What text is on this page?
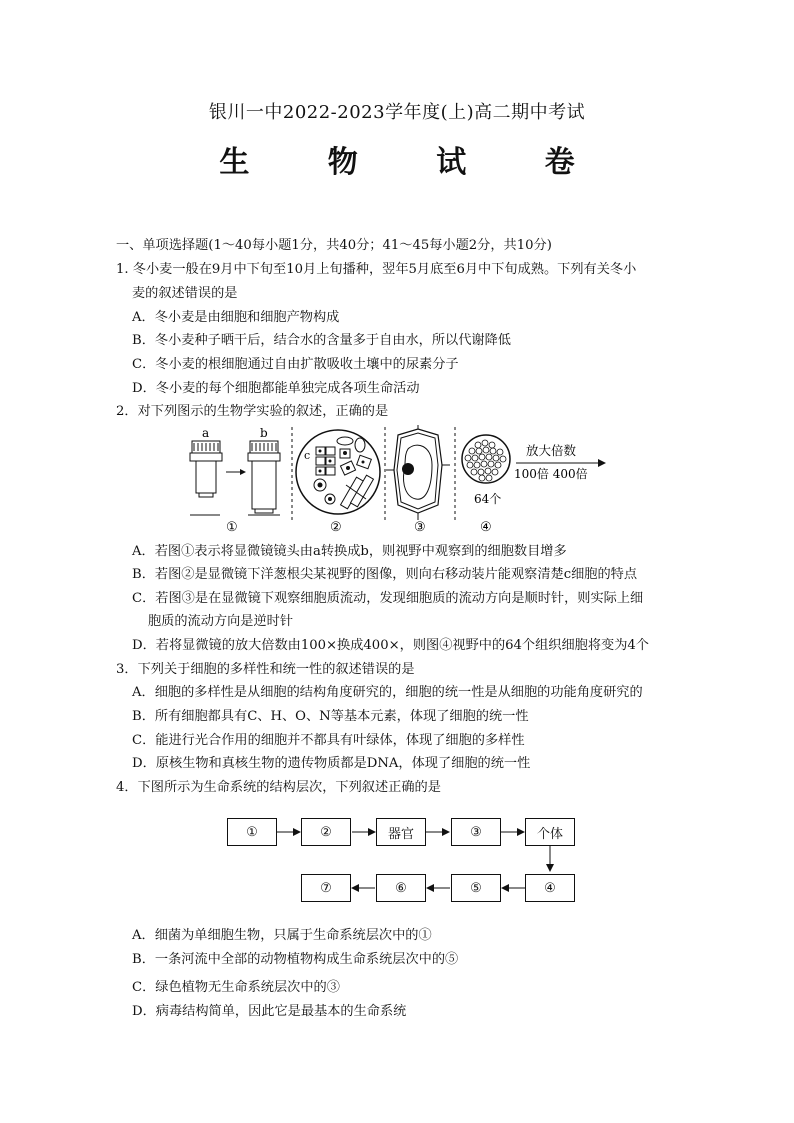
银川一中2022-2023学年度(上)高二期中考试
生 物 试 卷
一、单项选择题(1～40每小题1分，共40分；41～45每小题2分，共10分)
1. 冬小麦一般在9月中下旬至10月上旬播种，翌年5月底至6月中下旬成熟。下列有关冬小
麦的叙述错误的是
A．冬小麦是由细胞和细胞产物构成
B．冬小麦种子晒干后，结合水的含量多于自由水，所以代谢降低
C．冬小麦的根细胞通过自由扩散吸收土壤中的尿素分子
D．冬小麦的每个细胞都能单独完成各项生命活动
2．对下列图示的生物学实验的叙述，正确的是
a	b
①
c
②	③
64个
④
放大倍数
100倍 400倍
A．若图①表示将显微镜镜头由a转换成b，则视野中观察到的细胞数目增多
B．若图②是显微镜下洋葱根尖某视野的图像，则向右移动装片能观察清楚c细胞的特点
C．若图③是在显微镜下观察细胞质流动，发现细胞质的流动方向是顺时针，则实际上细
胞质的流动方向是逆时针
D．若将显微镜的放大倍数由100×换成400×，则图④视野中的64个组织细胞将变为4个
3．下列关于细胞的多样性和统一性的叙述错误的是
A．细胞的多样性是从细胞的结构角度研究的，细胞的统一性是从细胞的功能角度研究的
B．所有细胞都具有C、H、O、N等基本元素，体现了细胞的统一性
C．能进行光合作用的细胞并不都具有叶绿体，体现了细胞的多样性
D．原核生物和真核生物的遗传物质都是DNA，体现了细胞的统一性
4．下图所示为生命系统的结构层次，下列叙述正确的是
①	②	器官	③	个体
⑦	⑥	⑤	④
A．细菌为单细胞生物，只属于生命系统层次中的①
B．一条河流中全部的动物植物构成生命系统层次中的⑤
C．绿色植物无生命系统层次中的③
D．病毒结构简单，因此它是最基本的生命系统
